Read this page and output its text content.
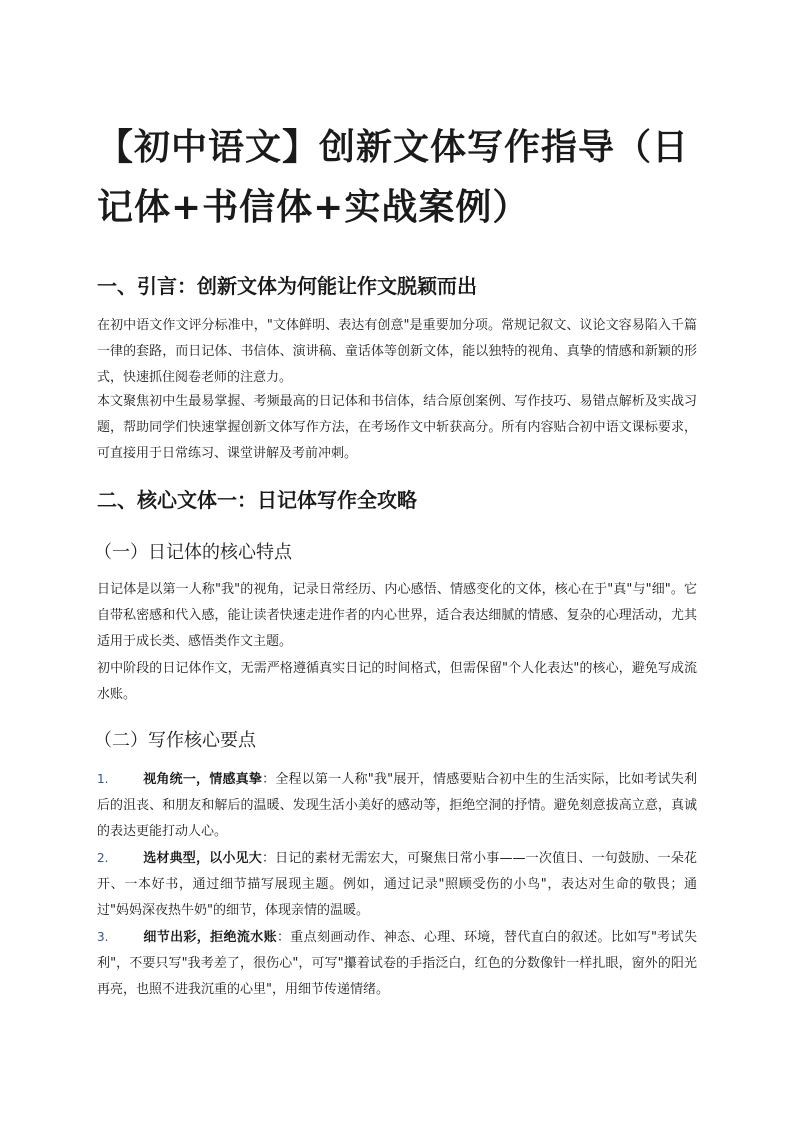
【初中语文】创新文体写作指导（日记体+书信体+实战案例）
一、引言：创新文体为何能让作文脱颖而出

在初中语文作文评分标准中，"文体鲜明、表达有创意"是重要加分项。常规记叙文、议论文容易陷入千篇一律的套路，而日记体、书信体、演讲稿、童话体等创新文体，能以独特的视角、真挚的情感和新颖的形式，快速抓住阅卷老师的注意力。

本文聚焦初中生最易掌握、考频最高的日记体和书信体，结合原创案例、写作技巧、易错点解析及实战习题，帮助同学们快速掌握创新文体写作方法，在考场作文中斩获高分。所有内容贴合初中语文课标要求，可直接用于日常练习、课堂讲解及考前冲刺。

二、核心文体一：日记体写作全攻略
（一）日记体的核心特点

日记体是以第一人称"我"的视角，记录日常经历、内心感悟、情感变化的文体，核心在于"真"与"细"。它自带私密感和代入感，能让读者快速走进作者的内心世界，适合表达细腻的情感、复杂的心理活动，尤其适用于成长类、感悟类作文主题。

初中阶段的日记体作文，无需严格遵循真实日记的时间格式，但需保留"个人化表达"的核心，避免写成流水账。

（二）写作核心要点

1.	视角统一，情感真挚：全程以第一人称"我"展开，情感要贴合初中生的生活实际，比如考试失利后的沮丧、和朋友和解后的温暖、发现生活小美好的感动等，拒绝空洞的抒情。避免刻意拔高立意，真诚的表达更能打动人心。

2.	选材典型，以小见大：日记的素材无需宏大，可聚焦日常小事——一次值日、一句鼓励、一朵花开、一本好书，通过细节描写展现主题。例如，通过记录"照顾受伤的小鸟"，表达对生命的敬畏；通过"妈妈深夜热牛奶"的细节，体现亲情的温暖。

3.	细节出彩，拒绝流水账：重点刻画动作、神态、心理、环境，替代直白的叙述。比如写"考试失利"，不要只写"我考差了，很伤心"，可写"攥着试卷的手指泛白，红色的分数像针一样扎眼，窗外的阳光再亮，也照不进我沉重的心里"，用细节传递情绪。
